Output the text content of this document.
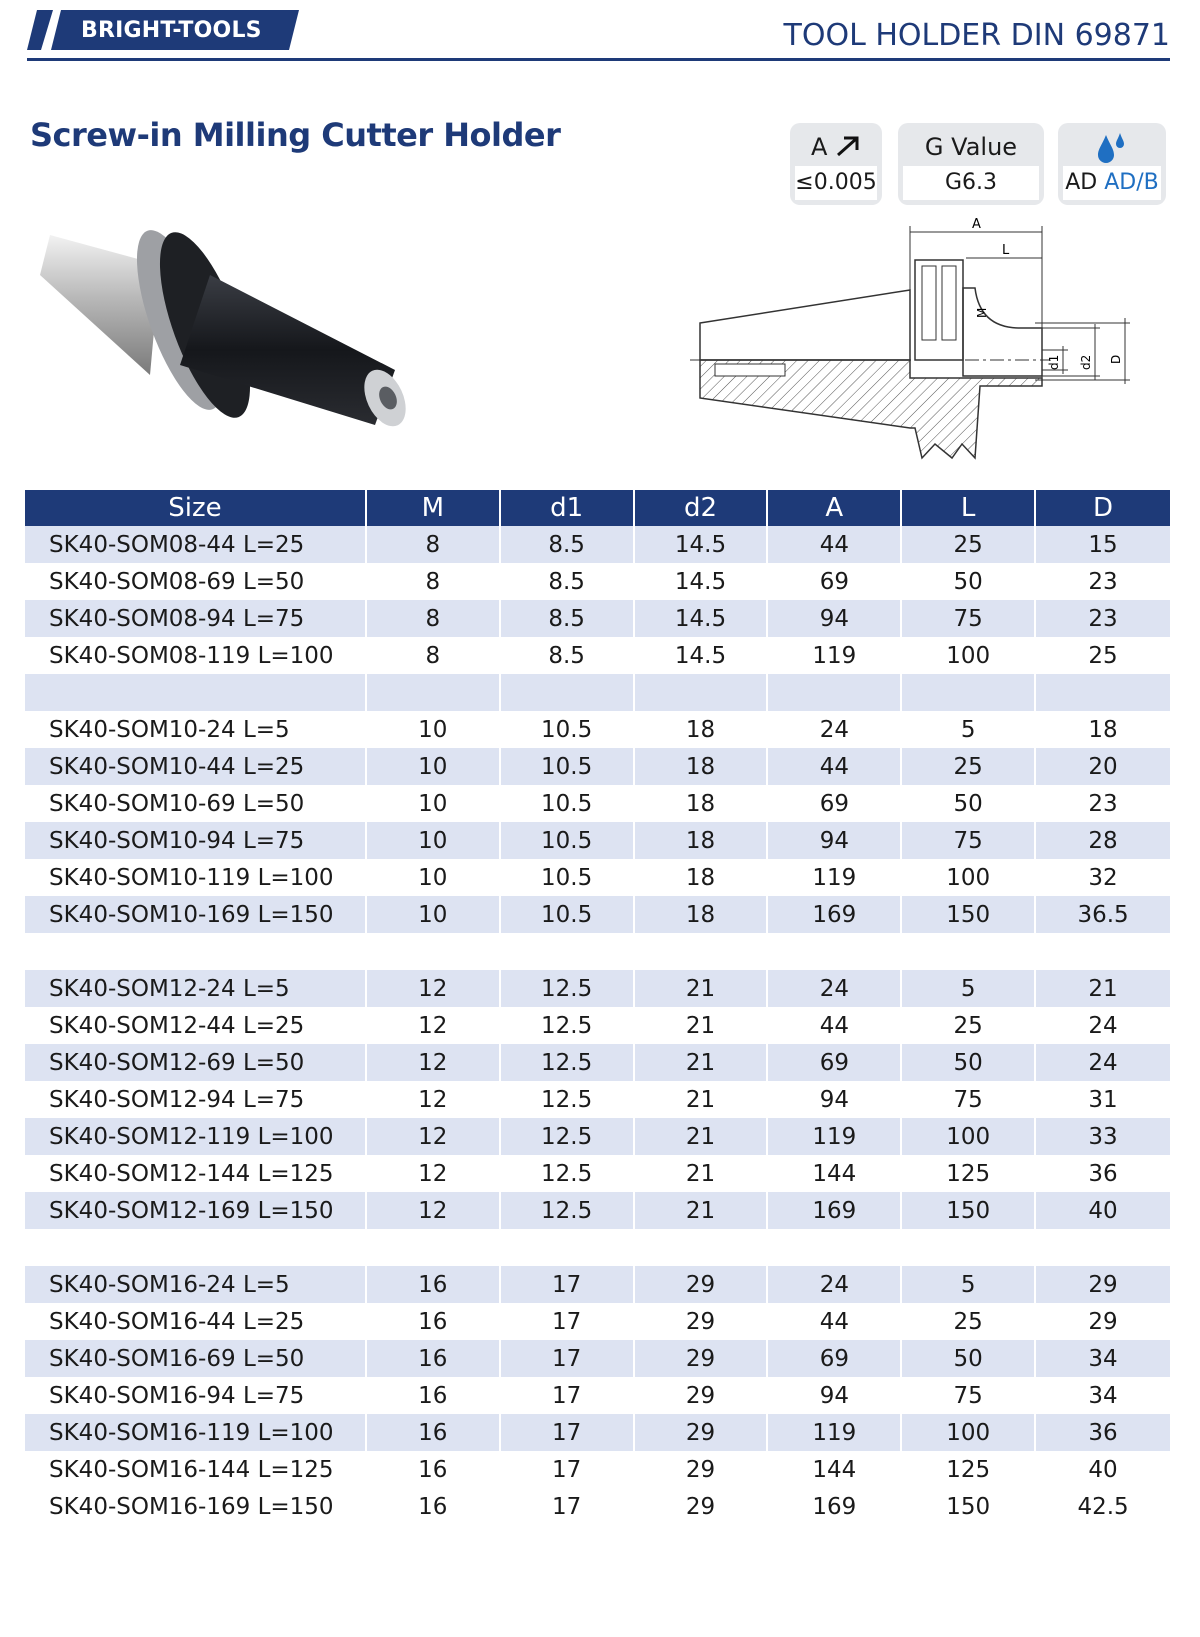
BRIGHT-TOOLS	TOOL HOLDER DIN 69871
Screw-in Milling Cutter Holder	A
≤0.005
G Value
G6.3	AD AD/B
A
L
M
d1 d2 D
Size	M	d1	d2	A	L	D
SK40-SOM08-44 L=25	8	8.5	14.5	44	25	15
SK40-SOM08-69 L=50	8	8.5	14.5	69	50	23
SK40-SOM08-94 L=75	8	8.5	14.5	94	75	23
SK40-SOM08-119 L=100	8	8.5	14.5	119	100	25

SK40-SOM10-24 L=5	10	10.5	18	24	5	18
SK40-SOM10-44 L=25	10	10.5	18	44	25	20
SK40-SOM10-69 L=50	10	10.5	18	69	50	23
SK40-SOM10-94 L=75	10	10.5	18	94	75	28
SK40-SOM10-119 L=100	10	10.5	18	119	100	32
SK40-SOM10-169 L=150	10	10.5	18	169	150	36.5

SK40-SOM12-24 L=5	12	12.5	21	24	5	21
SK40-SOM12-44 L=25	12	12.5	21	44	25	24
SK40-SOM12-69 L=50	12	12.5	21	69	50	24
SK40-SOM12-94 L=75	12	12.5	21	94	75	31
SK40-SOM12-119 L=100	12	12.5	21	119	100	33
SK40-SOM12-144 L=125	12	12.5	21	144	125	36
SK40-SOM12-169 L=150	12	12.5	21	169	150	40

SK40-SOM16-24 L=5	16	17	29	24	5	29
SK40-SOM16-44 L=25	16	17	29	44	25	29
SK40-SOM16-69 L=50	16	17	29	69	50	34
SK40-SOM16-94 L=75	16	17	29	94	75	34
SK40-SOM16-119 L=100	16	17	29	119	100	36
SK40-SOM16-144 L=125	16	17	29	144	125	40
SK40-SOM16-169 L=150	16	17	29	169	150	42.5
